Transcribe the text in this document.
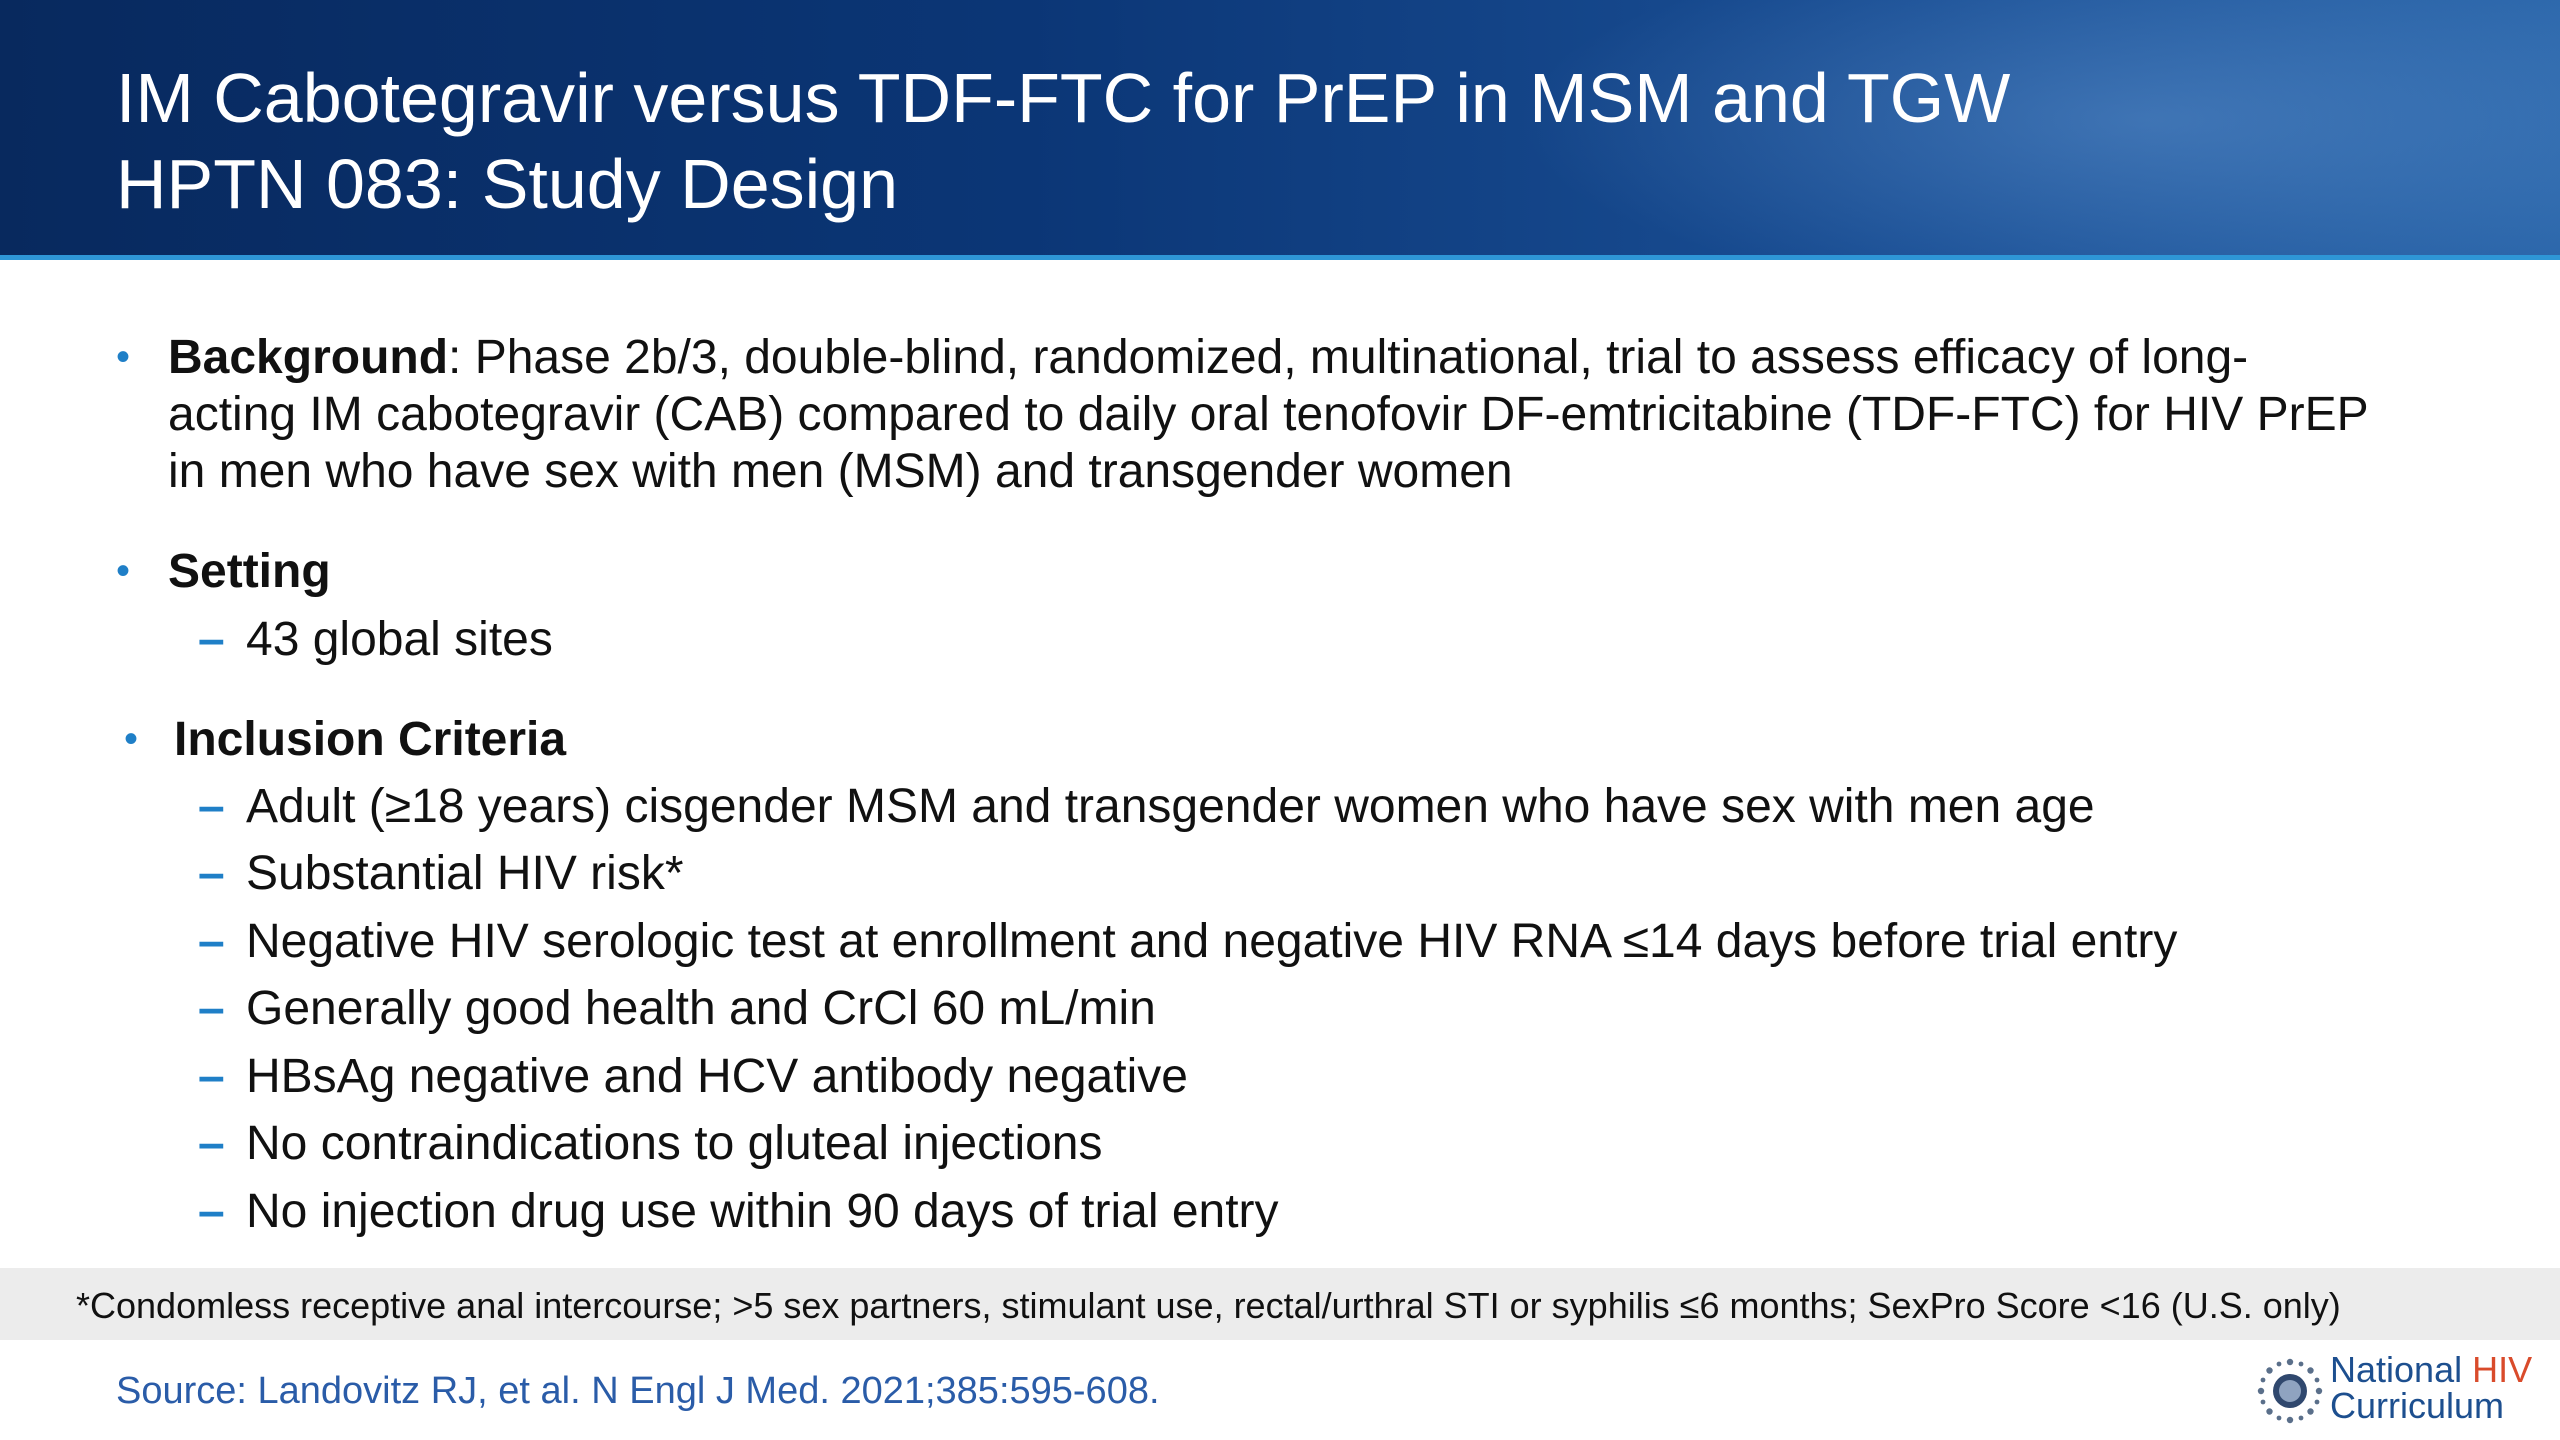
IM Cabotegravir versus TDF-FTC for PrEP in MSM and TGW
HPTN 083: Study Design
• Background: Phase 2b/3, double-blind, randomized, multinational, trial to assess efficacy of long-
acting IM cabotegravir (CAB) compared to daily oral tenofovir DF-emtricitabine (TDF-FTC) for HIV PrEP
in men who have sex with men (MSM) and transgender women
• Setting
– 43 global sites
• Inclusion Criteria
– Adult (≥18 years) cisgender MSM and transgender women who have sex with men age
– Substantial HIV risk*
– Negative HIV serologic test at enrollment and negative HIV RNA ≤14 days before trial entry
– Generally good health and CrCl 60 mL/min
– HBsAg negative and HCV antibody negative
– No contraindications to gluteal injections
– No injection drug use within 90 days of trial entry
*Condomless receptive anal intercourse; >5 sex partners, stimulant use, rectal/urthral STI or syphilis ≤6 months; SexPro Score <16 (U.S. only)
Source: Landovitz RJ, et al. N Engl J Med. 2021;385:595-608.
National HIV
Curriculum
